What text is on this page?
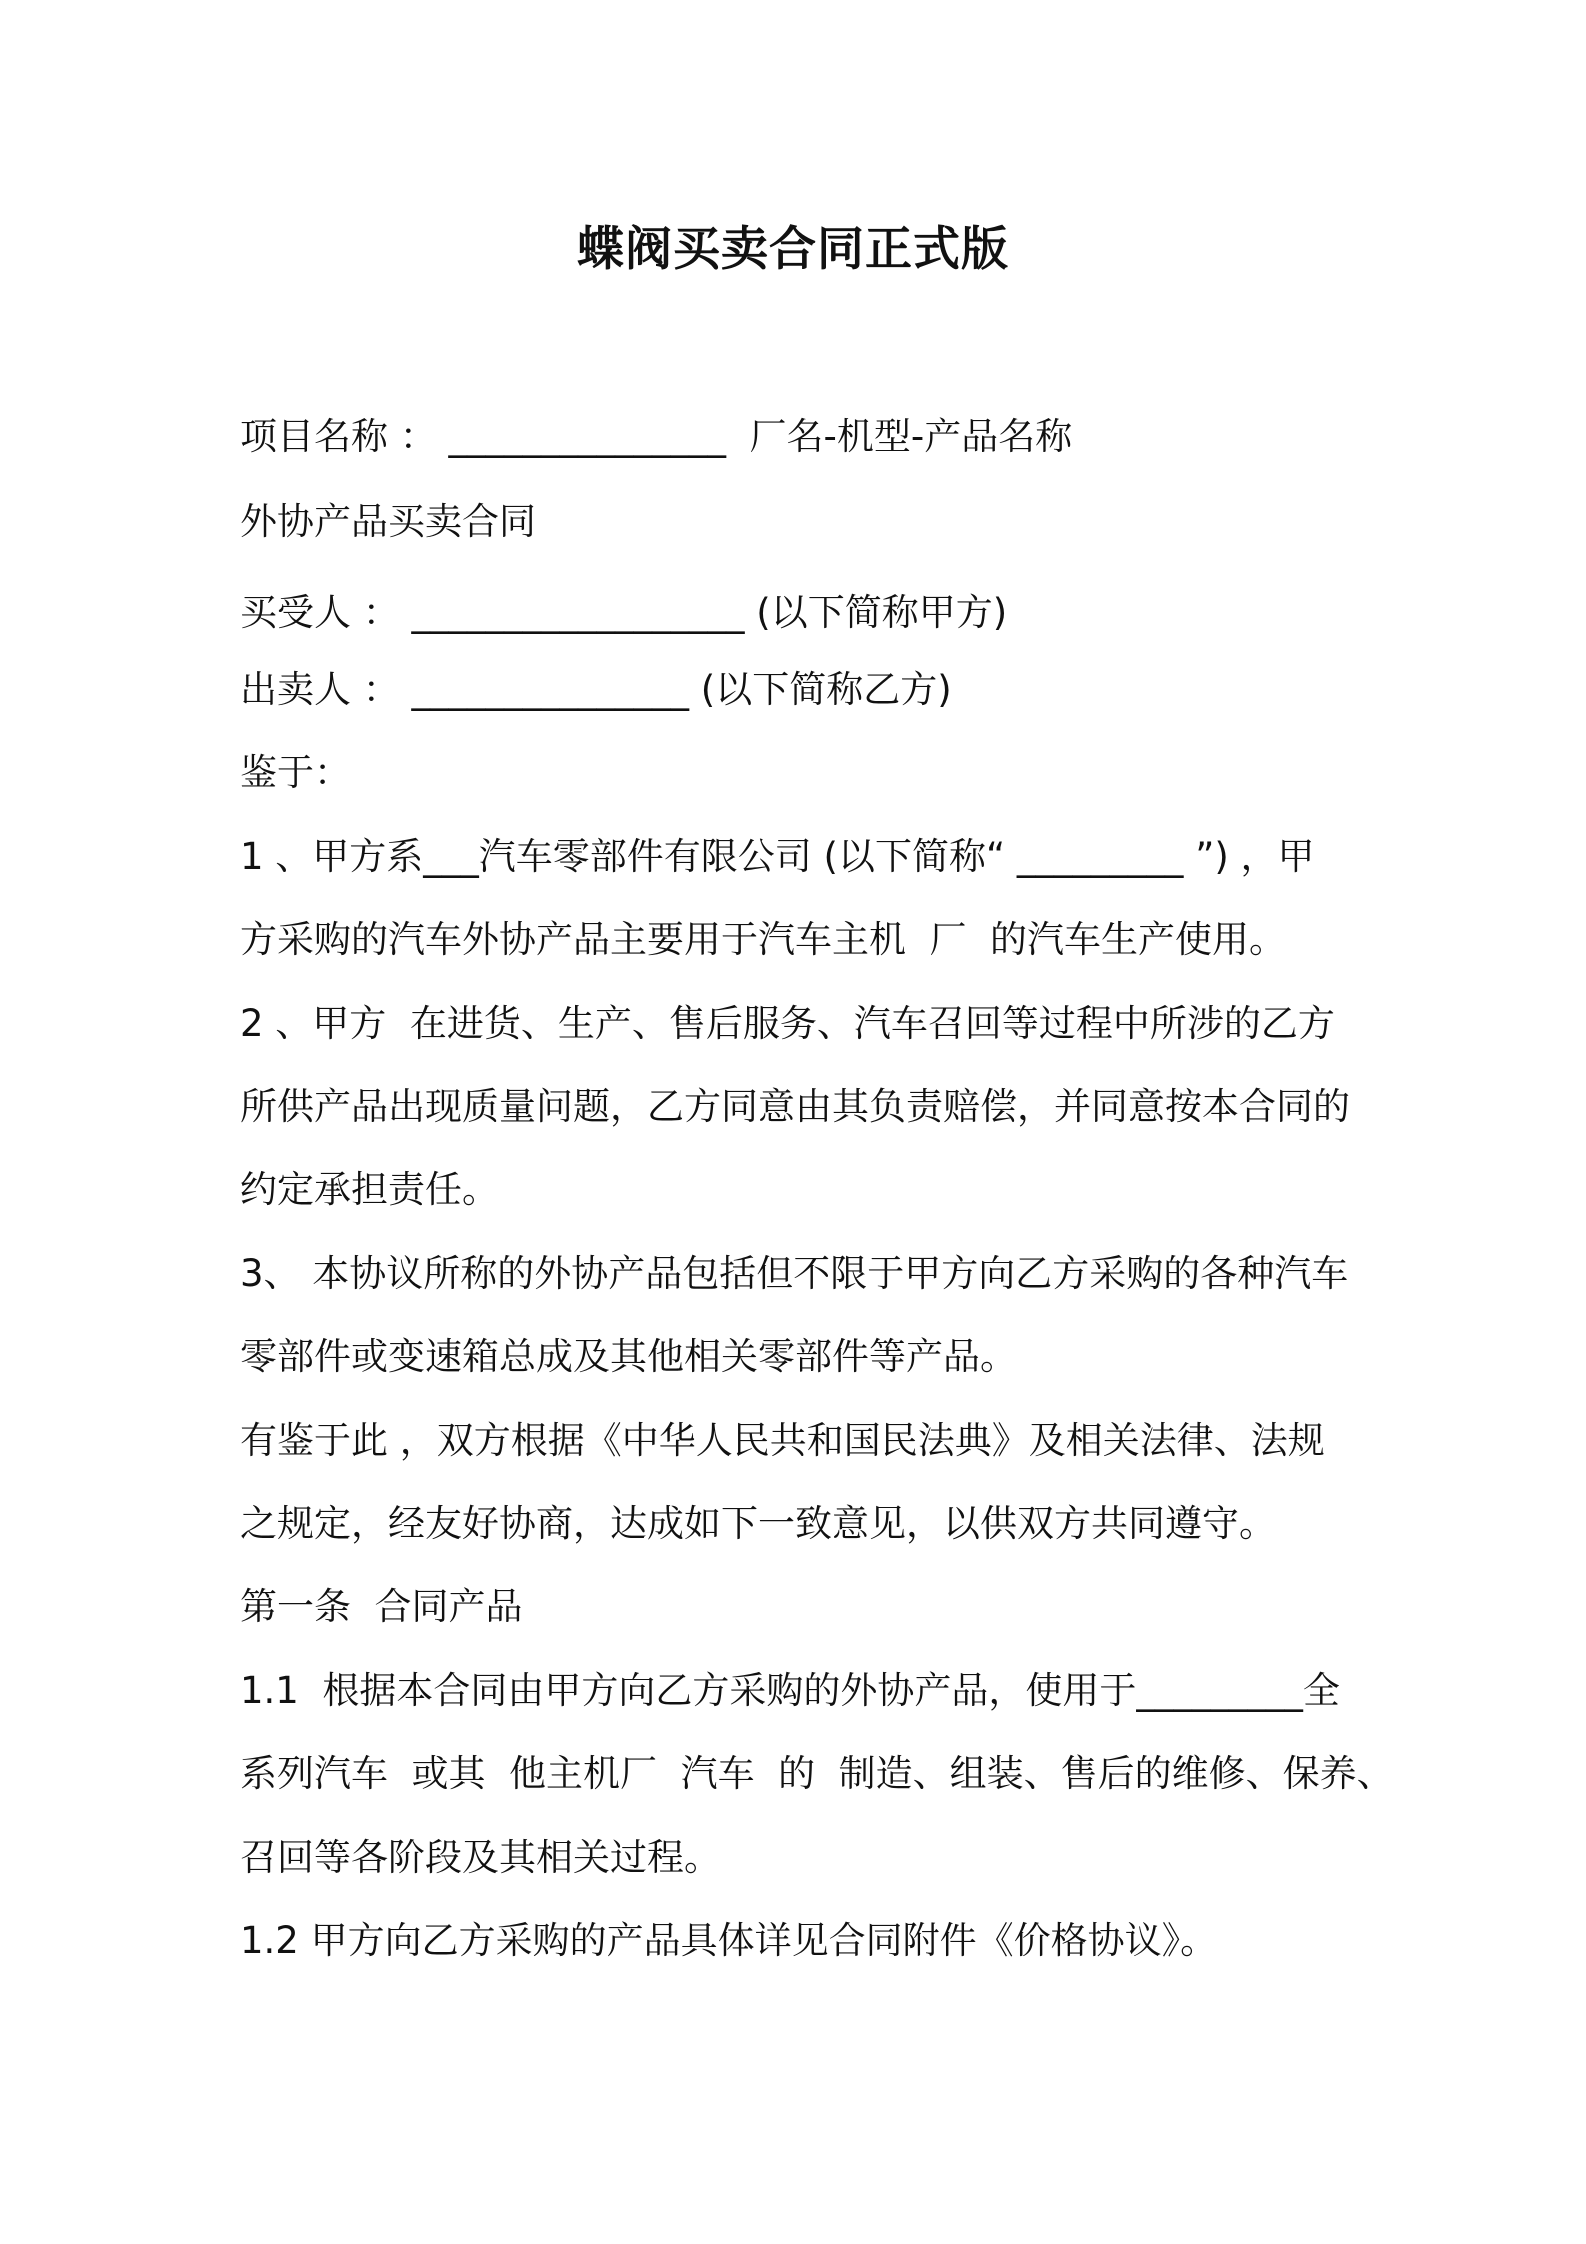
蝶阀买卖合同正式版

项目名称 ： _______________  厂名-机型-产品名称

外协产品买卖合同

买受人 ： __________________ (以下简称甲方)

出卖人 ： _______________ (以下简称乙方)

鉴于：

1 、甲方系___汽车零部件有限公司 (以下简称“ _________ ”) ，甲

方采购的汽车外协产品主要用于汽车主机  厂  的汽车生产使用。

2 、甲方  在进货、生产、售后服务、汽车召回等过程中所涉的乙方

所供产品出现质量问题，乙方同意由其负责赔偿，并同意按本合同的

约定承担责任。

3、 本协议所称的外协产品包括但不限于甲方向乙方采购的各种汽车

零部件或变速箱总成及其他相关零部件等产品。

有鉴于此 ，双方根据《中华人民共和国民法典》及相关法律、法规

之规定，经友好协商，达成如下一致意见，以供双方共同遵守。

第一条  合同产品

1.1  根据本合同由甲方向乙方采购的外协产品，使用于_________全

系列汽车  或其  他主机厂  汽车  的  制造、组装、售后的维修、保养、

召回等各阶段及其相关过程。

1.2 甲方向乙方采购的产品具体详见合同附件《价格协议》。
